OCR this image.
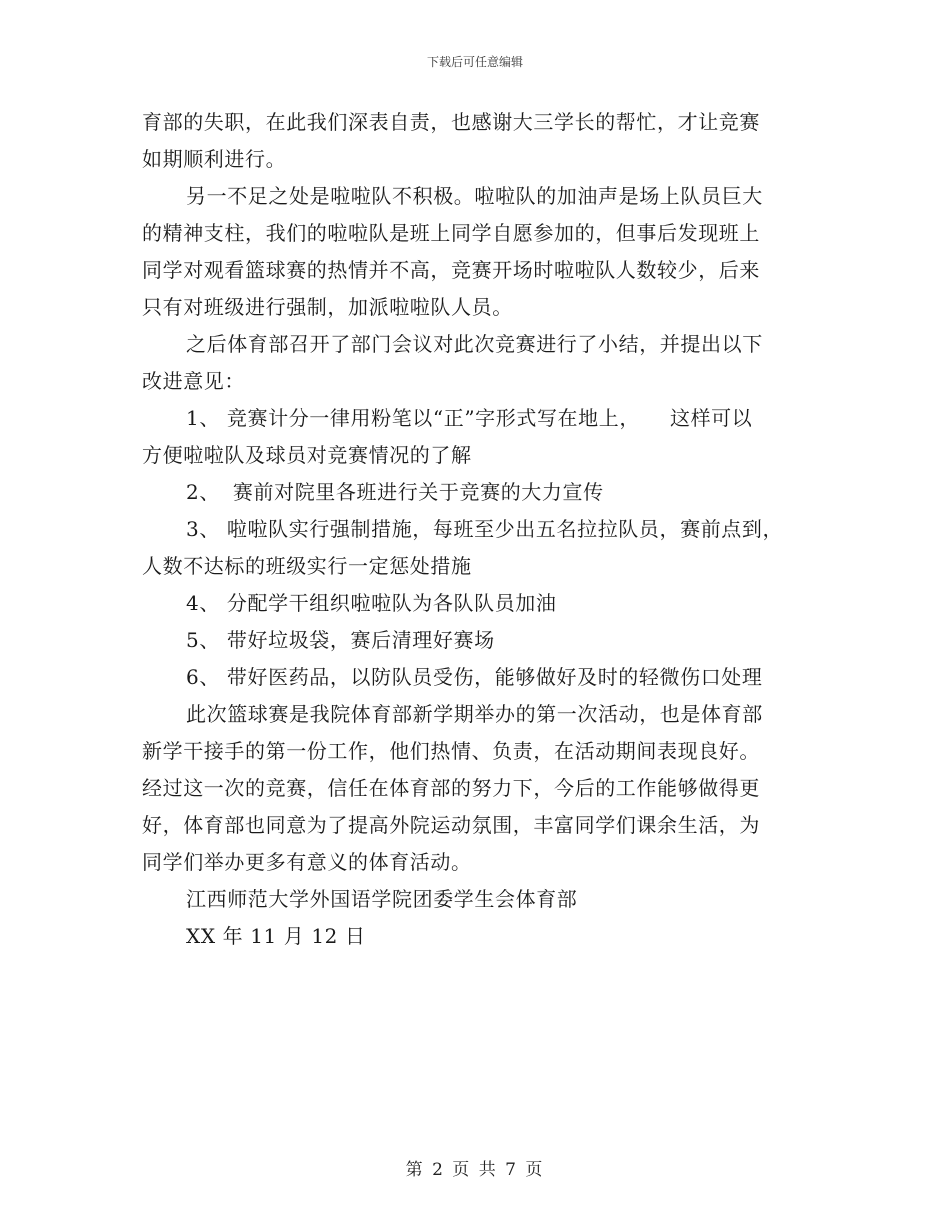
下载后可任意编辑
育部的失职，在此我们深表自责，也感谢大三学长的帮忙，才让竞赛
如期顺利进行。
另一不足之处是啦啦队不积极。啦啦队的加油声是场上队员巨大
的精神支柱，我们的啦啦队是班上同学自愿参加的，但事后发现班上
同学对观看篮球赛的热情并不高，竞赛开场时啦啦队人数较少，后来
只有对班级进行强制，加派啦啦队人员。
之后体育部召开了部门会议对此次竞赛进行了小结，并提出以下
改进意见：
1、 竞赛计分一律用粉笔以“正”字形式写在地上， 这样可以
方便啦啦队及球员对竞赛情况的了解
2、 赛前对院里各班进行关于竞赛的大力宣传
3、 啦啦队实行强制措施，每班至少出五名拉拉队员，赛前点到，
人数不达标的班级实行一定惩处措施
4、 分配学干组织啦啦队为各队队员加油
5、 带好垃圾袋，赛后清理好赛场
6、 带好医药品，以防队员受伤，能够做好及时的轻微伤口处理
此次篮球赛是我院体育部新学期举办的第一次活动，也是体育部
新学干接手的第一份工作，他们热情、负责，在活动期间表现良好。
经过这一次的竞赛，信任在体育部的努力下，今后的工作能够做得更
好，体育部也同意为了提高外院运动氛围，丰富同学们课余生活，为
同学们举办更多有意义的体育活动。
江西师范大学外国语学院团委学生会体育部
XX 年 11 月 12 日
第 2 页 共 7 页
